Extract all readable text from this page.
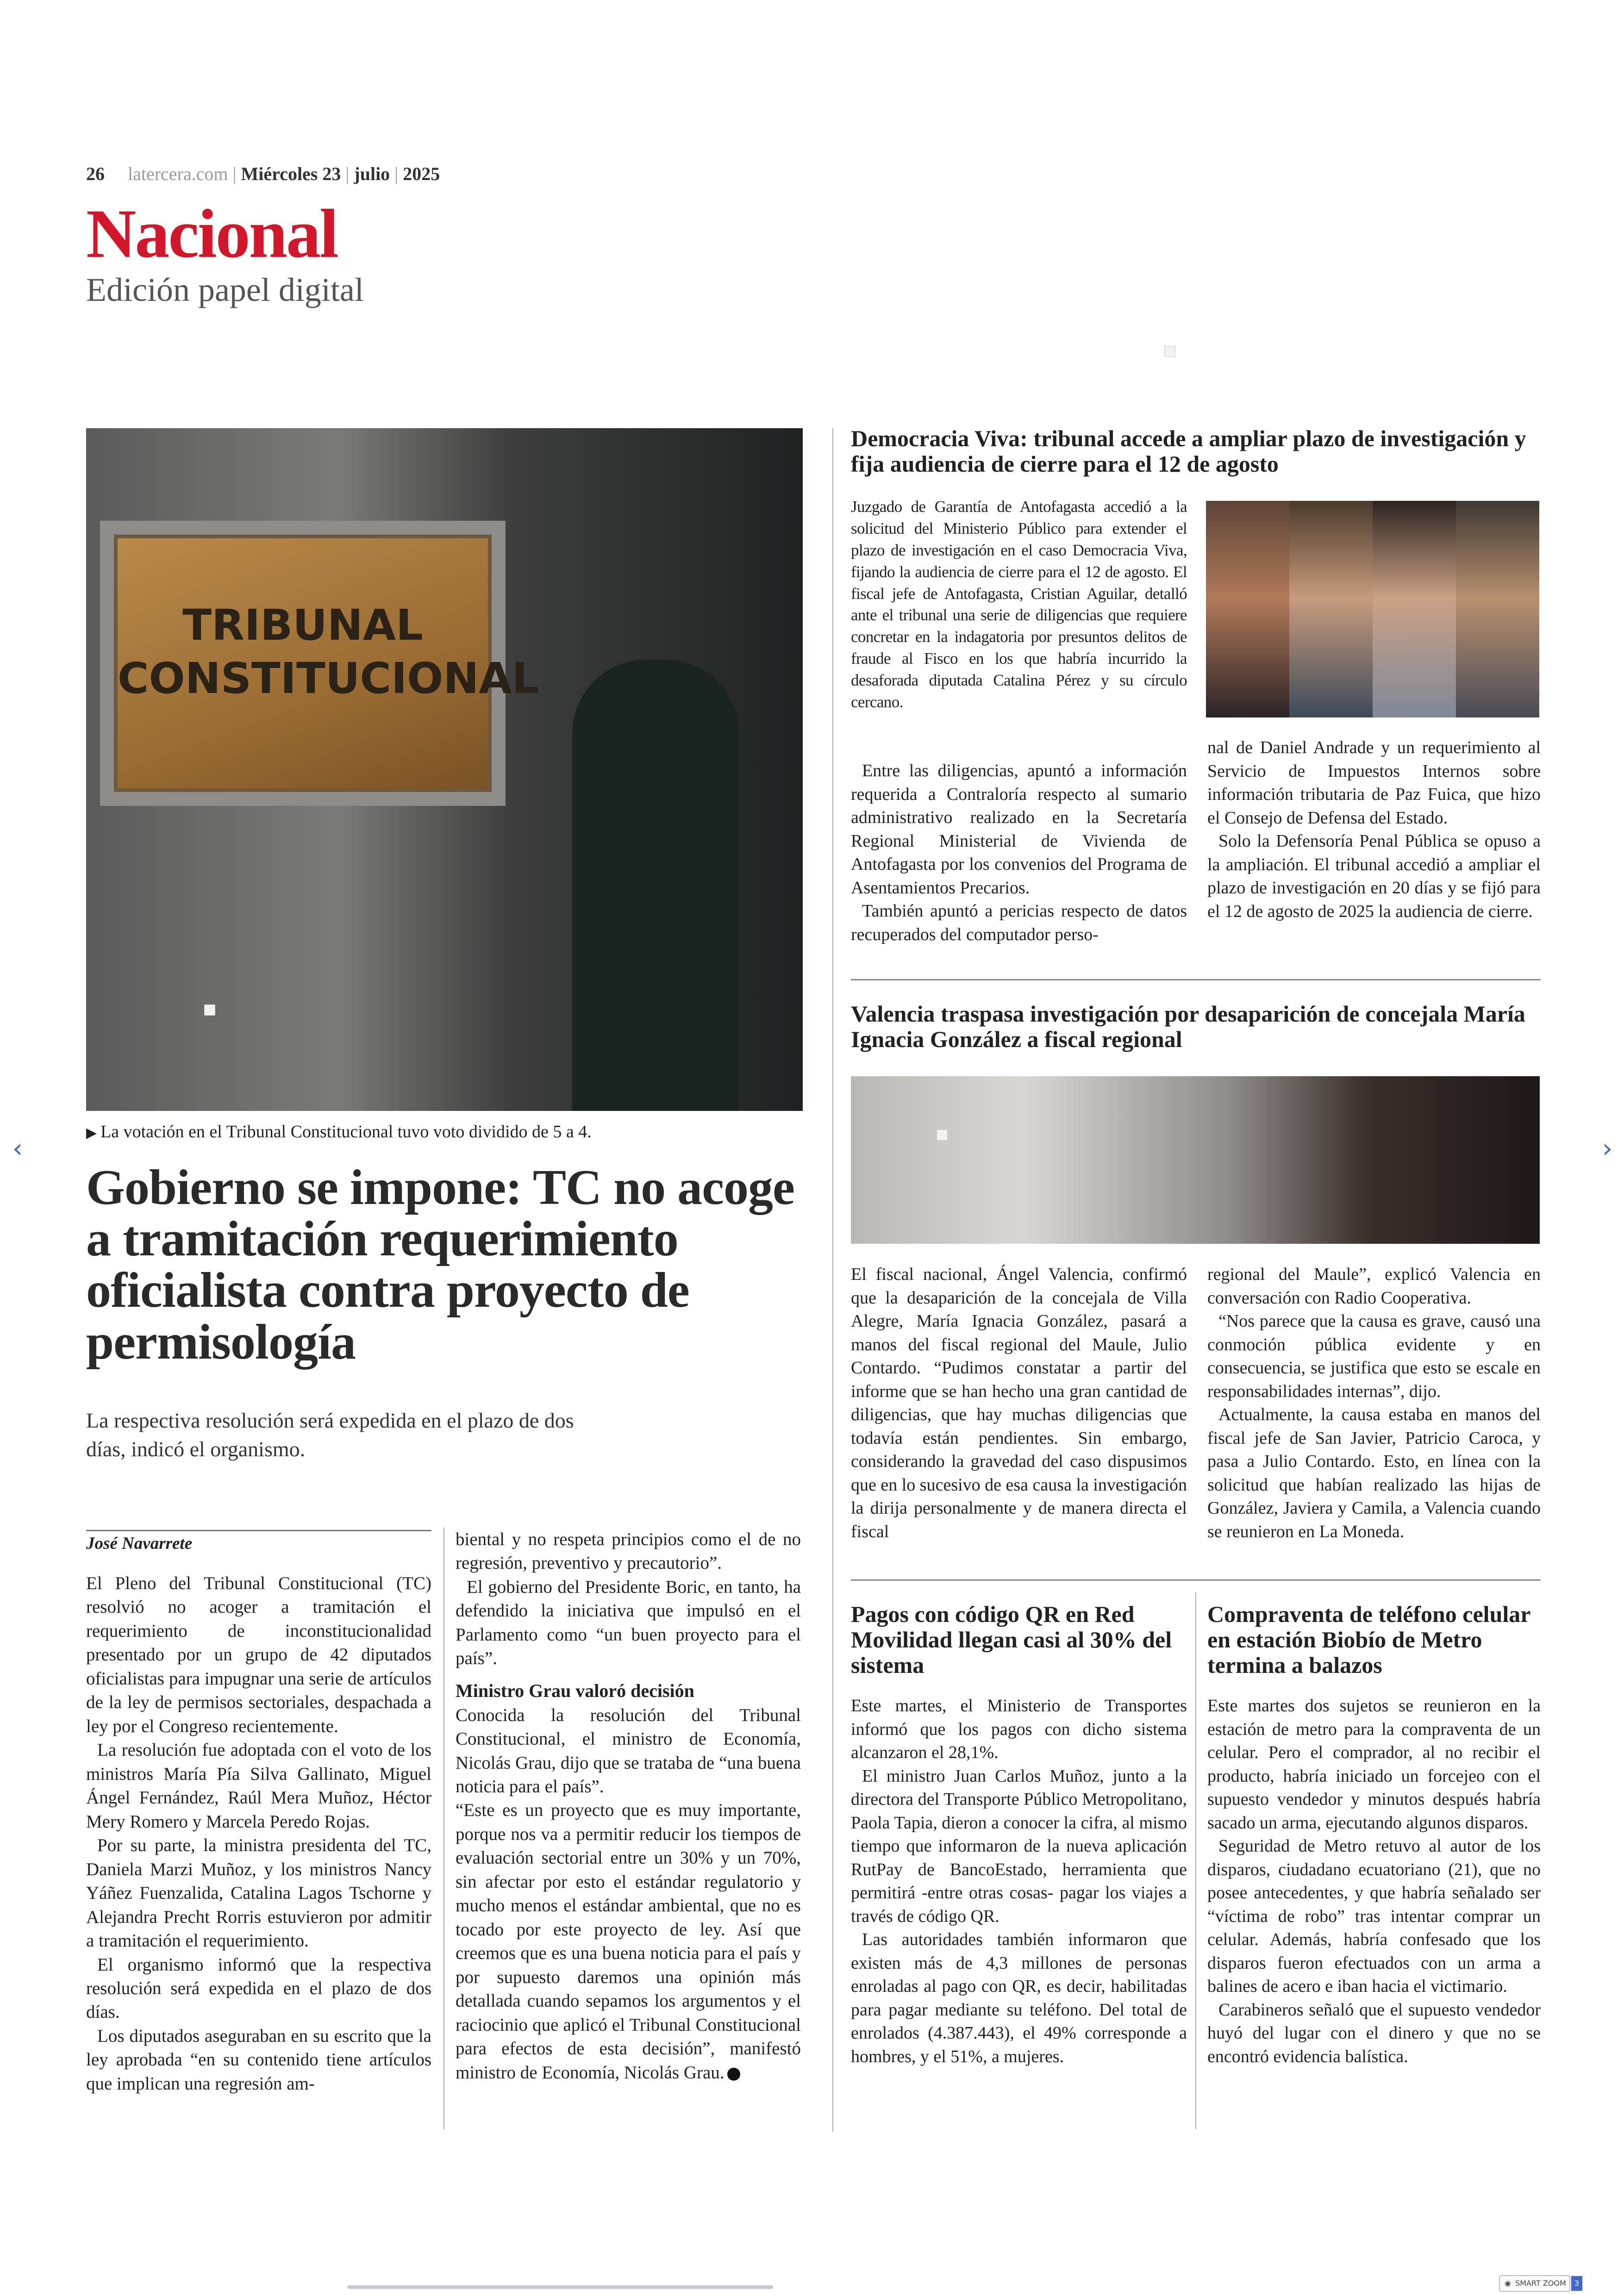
26 latercera.com | Miércoles 23 | julio | 2025
Nacional
Edición papel digital
TRIBUNAL
CONSTITUCIONAL
▶ La votación en el Tribunal Constitucional tuvo voto dividido de 5 a 4.
Gobierno se impone: TC no acoge a tramitación requerimiento oficialista contra proyecto de permisología
La respectiva resolución será expedida en el plazo de dos días, indicó el organismo.
José Navarrete

El Pleno del Tribunal Constitucional (TC) resolvió no acoger a tramitación el requerimiento de inconstitucionalidad presentado por un grupo de 42 diputados oficialistas para impugnar una serie de artículos de la ley de permisos sectoriales, despachada a ley por el Congreso recientemente.

La resolución fue adoptada con el voto de los ministros María Pía Silva Gallinato, Miguel Ángel Fernández, Raúl Mera Muñoz, Héctor Mery Romero y Marcela Peredo Rojas.

Por su parte, la ministra presidenta del TC, Daniela Marzi Muñoz, y los ministros Nancy Yáñez Fuenzalida, Catalina Lagos Tschorne y Alejandra Precht Rorris estuvieron por admitir a tramitación el requerimiento.

El organismo informó que la respectiva resolución será expedida en el plazo de dos días.

Los diputados aseguraban en su escrito que la ley aprobada “en su contenido tiene artículos que implican una regresión am-

biental y no respeta principios como el de no regresión, preventivo y precautorio”.

El gobierno del Presidente Boric, en tanto, ha defendido la iniciativa que impulsó en el Parlamento como “un buen proyecto para el país”.

Ministro Grau valoró decisión

Conocida la resolución del Tribunal Constitucional, el ministro de Economía, Nicolás Grau, dijo que se trataba de “una buena noticia para el país”.

“Este es un proyecto que es muy importante, porque nos va a permitir reducir los tiempos de evaluación sectorial entre un 30% y un 70%, sin afectar por esto el estándar regulatorio y mucho menos el estándar ambiental, que no es tocado por este proyecto de ley. Así que creemos que es una buena noticia para el país y por supuesto daremos una opinión más detallada cuando sepamos los argumentos y el raciocinio que aplicó el Tribunal Constitucional para efectos de esta decisión”, manifestó ministro de Economía, Nicolás Grau.

Democracia Viva: tribunal accede a ampliar plazo de investigación y fija audiencia de cierre para el 12 de agosto

Juzgado de Garantía de Antofagasta accedió a la solicitud del Ministerio Público para extender el plazo de investigación en el caso Democracia Viva, fijando la audiencia de cierre para el 12 de agosto. El fiscal jefe de Antofagasta, Cristian Aguilar, detalló ante el tribunal una serie de diligencias que requiere concretar en la indagatoria por presuntos delitos de fraude al Fisco en los que habría incurrido la desaforada diputada Catalina Pérez y su círculo cercano.

Entre las diligencias, apuntó a información requerida a Contraloría respecto al sumario administrativo realizado en la Secretaría Regional Ministerial de Vivienda de Antofagasta por los convenios del Programa de Asentamientos Precarios.

También apuntó a pericias respecto de datos recuperados del computador perso-

nal de Daniel Andrade y un requerimiento al Servicio de Impuestos Internos sobre información tributaria de Paz Fuica, que hizo el Consejo de Defensa del Estado.

Solo la Defensoría Penal Pública se opuso a la ampliación. El tribunal accedió a ampliar el plazo de investigación en 20 días y se fijó para el 12 de agosto de 2025 la audiencia de cierre.

Valencia traspasa investigación por desaparición de concejala María Ignacia González a fiscal regional

El fiscal nacional, Ángel Valencia, confirmó que la desaparición de la concejala de Villa Alegre, María Ignacia González, pasará a manos del fiscal regional del Maule, Julio Contardo. “Pudimos constatar a partir del informe que se han hecho una gran cantidad de diligencias, que hay muchas diligencias que todavía están pendientes. Sin embargo, considerando la gravedad del caso dispusimos que en lo sucesivo de esa causa la investigación la dirija personalmente y de manera directa el fiscal

regional del Maule”, explicó Valencia en conversación con Radio Cooperativa.

“Nos parece que la causa es grave, causó una conmoción pública evidente y en consecuencia, se justifica que esto se escale en responsabilidades internas”, dijo.

Actualmente, la causa estaba en manos del fiscal jefe de San Javier, Patricio Caroca, y pasa a Julio Contardo. Esto, en línea con la solicitud que habían realizado las hijas de González, Javiera y Camila, a Valencia cuando se reunieron en La Moneda.

Pagos con código QR en Red Movilidad llegan casi al 30% del sistema

Este martes, el Ministerio de Transportes informó que los pagos con dicho sistema alcanzaron el 28,1%.

El ministro Juan Carlos Muñoz, junto a la directora del Transporte Público Metropolitano, Paola Tapia, dieron a conocer la cifra, al mismo tiempo que informaron de la nueva aplicación RutPay de BancoEstado, herramienta que permitirá -entre otras cosas- pagar los viajes a través de código QR.

Las autoridades también informaron que existen más de 4,3 millones de personas enroladas al pago con QR, es decir, habilitadas para pagar mediante su teléfono. Del total de enrolados (4.387.443), el 49% corresponde a hombres, y el 51%, a mujeres.

Compraventa de teléfono celular en estación Biobío de Metro termina a balazos

Este martes dos sujetos se reunieron en la estación de metro para la compraventa de un celular. Pero el comprador, al no recibir el producto, habría iniciado un forcejeo con el supuesto vendedor y minutos después habría sacado un arma, ejecutando algunos disparos.

Seguridad de Metro retuvo al autor de los disparos, ciudadano ecuatoriano (21), que no posee antecedentes, y que habría señalado ser “víctima de robo” tras intentar comprar un celular. Además, habría confesado que los disparos fueron efectuados con un arma a balines de acero e iban hacia el victimario.

Carabineros señaló que el supuesto vendedor huyó del lugar con el dinero y que no se encontró evidencia balística.

‹	›
◉ SMART ZOOM 3
